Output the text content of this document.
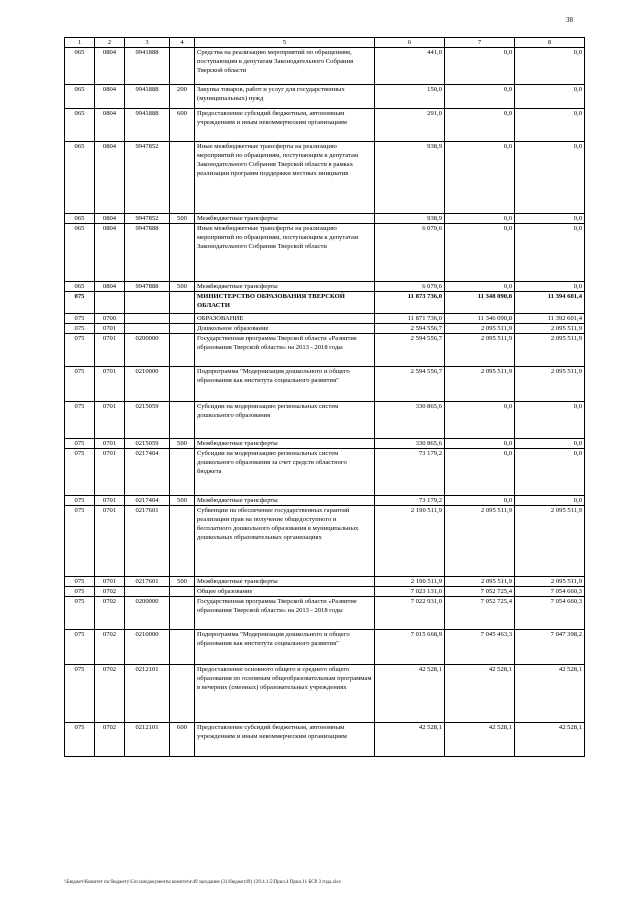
38
1	2	3	4	5	6	7	8
065	0804	9941888		Средства на реализацию мероприятий по обращениям, поступающим к депутатам Законодательного Собрания Тверской области	441,0	0,0	0,0
065	0804	9941888	200	Закупка товаров, работ и услуг для государственных (муниципальных) нужд	150,0	0,0	0,0
065	0804	9941888	600	Предоставление субсидий бюджетным, автономным учреждениям и иным некоммерческим организациям	291,0	0,0	0,0
065	0804	9947852		Иные межбюджетные трансферты на реализацию мероприятий по обращениям, поступающим к депутатам Законодательного Собрания Тверской области в рамках реализации программ поддержки местных инициатив	938,9	0,0	0,0
065	0804	9947852	500	Межбюджетные трансферты	938,9	0,0	0,0
065	0804	9947888		Иные межбюджетные трансферты на реализацию мероприятий по обращениям, поступающим к депутатам Законодательного Собрания Тверской области	6 079,6	0,0	0,0
065	0804	9947888	500	Межбюджетные трансферты	6 079,6	0,0	0,0
075				МИНИСТЕРСТВО ОБРАЗОВАНИЯ ТВЕРСКОЙ ОБЛАСТИ	11 873 736,0	11 348 090,8	11 394 601,4
075	0700			ОБРАЗОВАНИЕ	11 871 736,0	11 346 090,8	11 392 601,4
075	0701			Дошкольное образование	2 594 556,7	2 095 511,9	2 095 511,9
075	0701	0200000		Государственная программа Тверской области «Развитие образования Тверской области» на 2013 - 2018 годы	2 594 556,7	2 095 511,9	2 095 511,9
075	0701	0210000		Подпрограмма "Модернизация дошкольного и общего образования как института социального развития"	2 594 556,7	2 095 511,9	2 095 511,9
075	0701	0215059		Субсидии на модернизацию региональных систем дошкольного образования	330 865,6	0,0	0,0
075	0701	0215059	500	Межбюджетные трансферты	330 865,6	0,0	0,0
075	0701	0217404		Субсидии на модернизацию региональных систем дошкольного образования за счет средств областного бюджета	73 179,2	0,0	0,0
075	0701	0217404	500	Межбюджетные трансферты	73 179,2	0,0	0,0
075	0701	0217601		Субвенции на обеспечение государственных гарантий реализации прав на получение общедоступного и бесплатного дошкольного образования в муниципальных дошкольных образовательных организациях	2 190 511,9	2 095 511,9	2 095 511,9
075	0701	0217601	500	Межбюджетные трансферты	2 190 511,9	2 095 511,9	2 095 511,9
075	0702			Общее образование	7 023 131,0	7 052 725,4	7 054 660,3
075	0702	0200000		Государственная программа Тверской области «Развитие образования Тверской области» на 2013 - 2018 годы	7 022 931,0	7 052 725,4	7 054 660,3
075	0702	0210000		Подпрограмма "Модернизация дошкольного и общего образования как института социального развития"	7 015 668,9	7 045 463,3	7 047 398,2
075	0702	0212101		Предоставление основного общего и среднего общего образования по основным общеобразовательным программам в вечерних (сменных) образовательных учреждениях	42 528,1	42 528,1	42 528,1
075	0702	0212101	600	Предоставление субсидий бюджетным, автономным учреждениям и иным некоммерческим организациям	42 528,1	42 528,1	42 528,1
\\Бюджет\Комитет по бюджету\Сессия\документы комитета\49 заседание (31\бюджет49) 129.4.1.5\Прил.4 Прил.11 БСР 3 года.xlsx
